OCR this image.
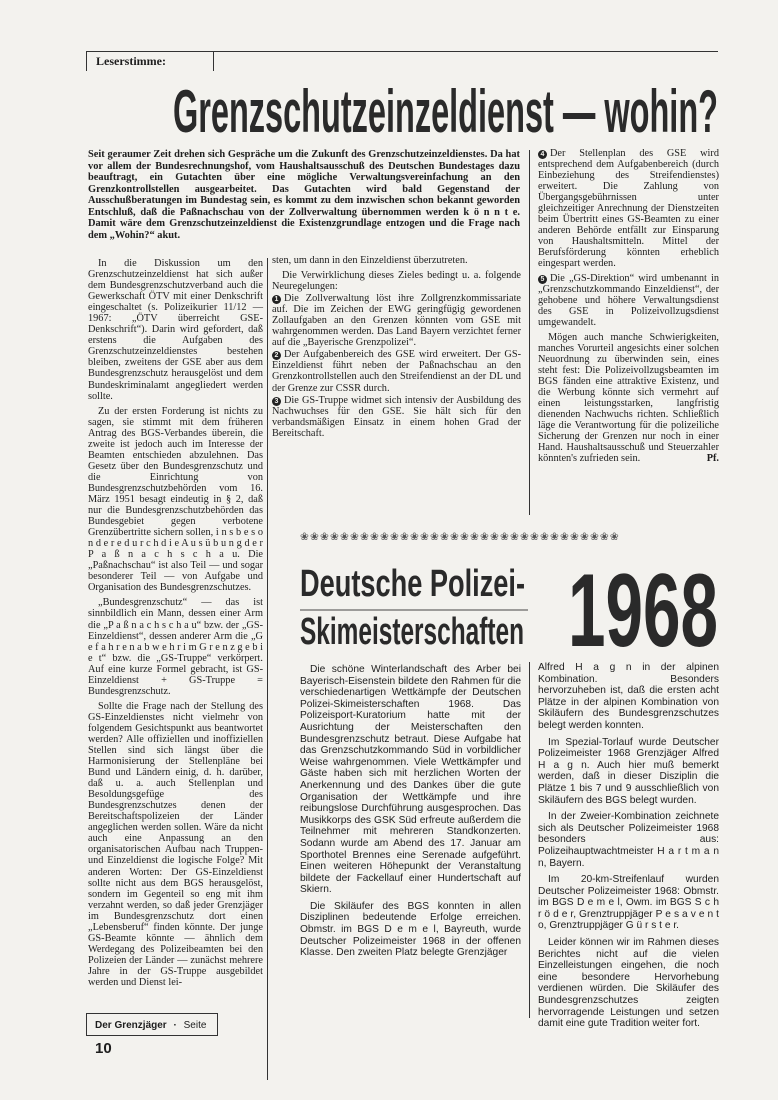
Leserstimme:
Grenzschutzeinzeldienst — wohin?
Seit geraumer Zeit drehen sich Gespräche um die Zukunft des Grenzschutzeinzeldienstes. Da hat vor allem der Bundesrechnungshof, vom Haushaltsausschuß des Deutschen Bundestages dazu beauftragt, ein Gutachten über eine mögliche Verwaltungsvereinfachung an den Grenzkontrollstellen ausgearbeitet. Das Gutachten wird bald Gegenstand der Ausschußberatungen im Bundestag sein, es kommt zu dem inzwischen schon bekannt geworden Entschluß, daß die Paßnachschau von der Zollverwaltung übernommen werden k ö n n t e. Damit wäre dem Grenzschutzeinzeldienst die Existenzgrundlage entzogen und die Frage nach dem „Wohin?“ akut.

In die Diskussion um den Grenzschutzeinzeldienst hat sich außer dem Bundesgrenzschutzverband auch die Gewerkschaft ÖTV mit einer Denkschrift eingeschaltet (s. Polizeikurier 11/12 — 1967: „ÖTV überreicht GSE-Denkschrift“). Darin wird gefordert, daß erstens die Aufgaben des Grenzschutzeinzeldienstes bestehen bleiben, zweitens der GSE aber aus dem Bundesgrenzschutz herausgelöst und dem Bundeskriminalamt angegliedert werden sollte.

Zu der ersten Forderung ist nichts zu sagen, sie stimmt mit dem früheren Antrag des BGS-Verbandes überein, die zweite ist jedoch auch im Interesse der Beamten entschieden abzulehnen. Das Gesetz über den Bundesgrenzschutz und die Einrichtung von Bundesgrenzschutzbehörden vom 16. März 1951 besagt eindeutig in § 2, daß nur die Bundesgrenzschutzbehörden das Bundesgebiet gegen verbotene Grenzübertritte sichern sollen, i n s b e s o n d e r e d u r c h d i e A u s ü b u n g d e r P a ß n a c h s c h a u. Die „Paßnachschau“ ist also Teil — und sogar besonderer Teil — von Aufgabe und Organisation des Bundesgrenzschutzes.

„Bundesgrenzschutz“ — das ist sinnbildlich ein Mann, dessen einer Arm die „P a ß n a c h s c h a u“ bzw. der „GS-Einzeldienst“, dessen anderer Arm die „G e f a h r e n a b w e h r i m G r e n z g e b i e t“ bzw. die „GS-Truppe“ verkörpert. Auf eine kurze Formel gebracht, ist GS-Einzeldienst + GS-Truppe = Bundesgrenzschutz.

Sollte die Frage nach der Stellung des GS-Einzeldienstes nicht vielmehr von folgendem Gesichtspunkt aus beantwortet werden? Alle offiziellen und inoffiziellen Stellen sind sich längst über die Harmonisierung der Stellenpläne bei Bund und Ländern einig, d. h. darüber, daß u. a. auch Stellenplan und Besoldungsgefüge des Bundesgrenzschutzes denen der Bereitschaftspolizeien der Länder angeglichen werden sollen. Wäre da nicht auch eine Anpassung an den organisatorischen Aufbau nach Truppen- und Einzeldienst die logische Folge? Mit anderen Worten: Der GS-Einzeldienst sollte nicht aus dem BGS herausgelöst, sondern im Gegenteil so eng mit ihm verzahnt werden, so daß jeder Grenzjäger im Bundesgrenzschutz dort einen „Lebensberuf“ finden könnte. Der junge GS-Beamte könnte — ähnlich dem Werdegang des Polizeibeamten bei den Polizeien der Länder — zunächst mehrere Jahre in der GS-Truppe ausgebildet werden und Dienst lei-

sten, um dann in den Einzeldienst überzutreten.

Die Verwirklichung dieses Zieles bedingt u. a. folgende Neuregelungen:

1 Die Zollverwaltung löst ihre Zollgrenzkommissariate auf. Die im Zeichen der EWG geringfügig gewordenen Zollaufgaben an den Grenzen könnten vom GSE mit wahrgenommen werden. Das Land Bayern verzichtet ferner auf die „Bayerische Grenzpolizei“.

2 Der Aufgabenbereich des GSE wird erweitert. Der GS-Einzeldienst führt neben der Paßnachschau an den Grenzkontrollstellen auch den Streifendienst an der DL und der Grenze zur CSSR durch.

3 Die GS-Truppe widmet sich intensiv der Ausbildung des Nachwuchses für den GSE. Sie hält sich für den verbandsmäßigen Einsatz in einem hohen Grad der Bereitschaft.

4 Der Stellenplan des GSE wird entsprechend dem Aufgabenbereich (durch Einbeziehung des Streifendienstes) erweitert. Die Zahlung von Übergangsgebührnissen unter gleichzeitiger Anrechnung der Dienstzeiten beim Übertritt eines GS-Beamten zu einer anderen Behörde entfällt zur Einsparung von Haushaltsmitteln. Mittel der Berufsförderung könnten erheblich eingespart werden.

5 Die „GS-Direktion“ wird umbenannt in „Grenzschutzkommando Einzeldienst“, der gehobene und höhere Verwaltungsdienst des GSE in Polizeivollzugsdienst umgewandelt.

Mögen auch manche Schwierigkeiten, manches Vorurteil angesichts einer solchen Neuordnung zu überwinden sein, eines steht fest: Die Polizeivollzugsbeamten im BGS fänden eine attraktive Existenz, und die Werbung könnte sich vermehrt auf einen leistungsstarken, langfristig dienenden Nachwuchs richten. Schließlich läge die Verantwortung für die polizeiliche Sicherung der Grenzen nur noch in einer Hand. Haushaltsausschuß und Steuerzahler könnten's zufrieden sein.	Pf.

❀❀❀❀❀❀❀❀❀❀❀❀❀❀❀❀❀❀❀❀❀❀❀❀❀❀❀❀❀❀❀❀
Deutsche Polizei-
Skimeisterschaften 1968

Die schöne Winterlandschaft des Arber bei Bayerisch-Eisenstein bildete den Rahmen für die verschiedenartigen Wettkämpfe der Deutschen Polizei-Skimeisterschaften 1968. Das Polizeisport-Kuratorium hatte mit der Ausrichtung der Meisterschaften den Bundesgrenzschutz betraut. Diese Aufgabe hat das Grenzschutzkommando Süd in vorbildlicher Weise wahrgenommen. Viele Wettkämpfer und Gäste haben sich mit herzlichen Worten der Anerkennung und des Dankes über die gute Organisation der Wettkämpfe und ihre reibungslose Durchführung ausgesprochen. Das Musikkorps des GSK Süd erfreute außerdem die Teilnehmer mit mehreren Standkonzerten. Sodann wurde am Abend des 17. Januar am Sporthotel Brennes eine Serenade aufgeführt. Einen weiteren Höhepunkt der Veranstaltung bildete der Fackellauf einer Hundertschaft auf Skiern.

Die Skiläufer des BGS konnten in allen Disziplinen bedeutende Erfolge erreichen. Obmstr. im BGS D e m e l, Bayreuth, wurde Deutscher Polizeimeister 1968 in der offenen Klasse. Den zweiten Platz belegte Grenzjäger

Alfred H a g n in der alpinen Kombination. Besonders hervorzuheben ist, daß die ersten acht Plätze in der alpinen Kombination von Skiläufern des Bundesgrenzschutzes belegt werden konnten.

Im Spezial-Torlauf wurde Deutscher Polizeimeister 1968 Grenzjäger Alfred H a g n. Auch hier muß bemerkt werden, daß in dieser Disziplin die Plätze 1 bis 7 und 9 ausschließlich von Skiläufern des BGS belegt wurden.

In der Zweier-Kombination zeichnete sich als Deutscher Polizeimeister 1968 besonders aus: Polizeihauptwachtmeister H a r t m a n n, Bayern.

Im 20-km-Streifenlauf wurden Deutscher Polizeimeister 1968: Obmstr. im BGS D e m e l, Owm. im BGS S c h r ö d e r, Grenztruppjäger P e s a v e n t o, Grenztruppjäger G ü r s t e r.

Leider können wir im Rahmen dieses Berichtes nicht auf die vielen Einzelleistungen eingehen, die noch eine besondere Hervorhebung verdienen würden. Die Skiläufer des Bundesgrenzschutzes zeigten hervorragende Leistungen und setzen damit eine gute Tradition weiter fort.

Der Grenzjäger · Seite 10
